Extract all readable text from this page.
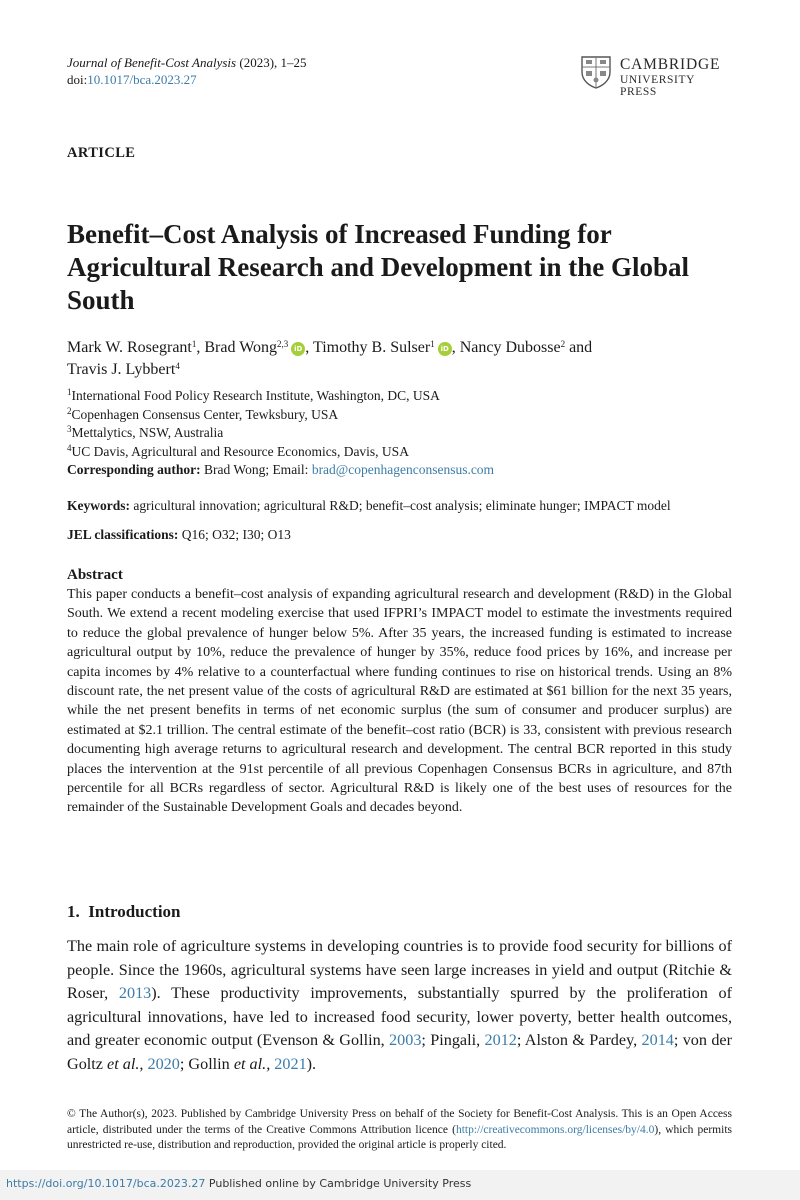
Journal of Benefit-Cost Analysis (2023), 1–25
doi:10.1017/bca.2023.27
CAMBRIDGE
UNIVERSITY PRESS
ARTICLE
Benefit–Cost Analysis of Increased Funding for Agricultural Research and Development in the Global South
Mark W. Rosegrant$^1$, Brad Wong$^{2,3}$ iD , Timothy B. Sulser$^1$ iD , Nancy Dubosse$^2$ and
Travis J. Lybbert$^4$
$^1$International Food Policy Research Institute, Washington, DC, USA
$^2$Copenhagen Consensus Center, Tewksbury, USA
$^3$Mettalytics, NSW, Australia
$^4$UC Davis, Agricultural and Resource Economics, Davis, USA
Corresponding author: Brad Wong; Email: brad@copenhagenconsensus.com
Keywords: agricultural innovation; agricultural R&D; benefit–cost analysis; eliminate hunger; IMPACT model
JEL classifications: Q16; O32; I30; O13
Abstract
This paper conducts a benefit–cost analysis of expanding agricultural research and development (R&D) in the Global South. We extend a recent modeling exercise that used IFPRI’s IMPACT model to estimate the investments required to reduce the global prevalence of hunger below 5%. After 35 years, the increased funding is estimated to increase agricultural output by 10%, reduce the prevalence of hunger by 35%, reduce food prices by 16%, and increase per capita incomes by 4% relative to a counterfactual where funding continues to rise on historical trends. Using an 8% discount rate, the net present value of the costs of agricultural R&D are estimated at $61 billion for the next 35 years, while the net present benefits in terms of net economic surplus (the sum of consumer and producer surplus) are estimated at $2.1 trillion. The central estimate of the benefit–cost ratio (BCR) is 33, consistent with previous research documenting high average returns to agricultural research and development. The central BCR reported in this study places the intervention at the 91st percentile of all previous Copenhagen Consensus BCRs in agriculture, and 87th percentile for all BCRs regardless of sector. Agricultural R&D is likely one of the best uses of resources for the remainder of the Sustainable Development Goals and decades beyond.
1. Introduction
The main role of agriculture systems in developing countries is to provide food security for billions of people. Since the 1960s, agricultural systems have seen large increases in yield and output (Ritchie & Roser, 2013). These productivity improvements, substantially spurred by the proliferation of agricultural innovations, have led to increased food security, lower poverty, better health outcomes, and greater economic output (Evenson & Gollin, 2003; Pingali, 2012; Alston & Pardey, 2014; von der Goltz et al., 2020; Gollin et al., 2021).
© The Author(s), 2023. Published by Cambridge University Press on behalf of the Society for Benefit-Cost Analysis. This is an Open Access article, distributed under the terms of the Creative Commons Attribution licence (http://creativecommons.org/licenses/by/4.0), which permits unrestricted re-use, distribution and reproduction, provided the original article is properly cited.
https://doi.org/10.1017/bca.2023.27 Published online by Cambridge University Press
